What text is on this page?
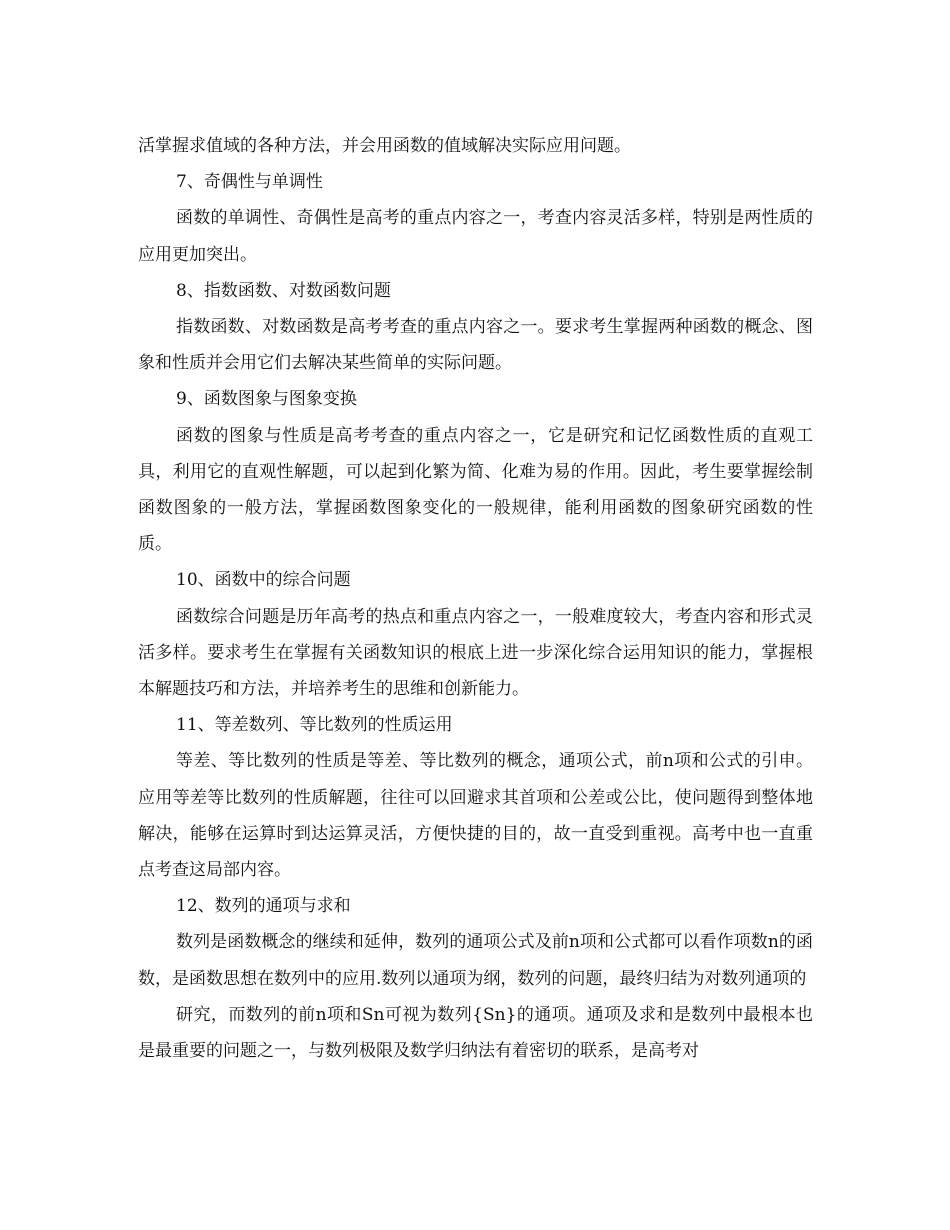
活掌握求值域的各种方法，并会用函数的值域解决实际应用问题。

7、奇偶性与单调性

函数的单调性、奇偶性是高考的重点内容之一，考查内容灵活多样，特别是两性质的应用更加突出。

8、指数函数、对数函数问题

指数函数、对数函数是高考考查的重点内容之一。要求考生掌握两种函数的概念、图象和性质并会用它们去解决某些简单的实际问题。

9、函数图象与图象变换

函数的图象与性质是高考考查的重点内容之一，它是研究和记忆函数性质的直观工具，利用它的直观性解题，可以起到化繁为简、化难为易的作用。因此，考生要掌握绘制函数图象的一般方法，掌握函数图象变化的一般规律，能利用函数的图象研究函数的性质。

10、函数中的综合问题

函数综合问题是历年高考的热点和重点内容之一，一般难度较大，考查内容和形式灵活多样。要求考生在掌握有关函数知识的根底上进一步深化综合运用知识的能力，掌握根本解题技巧和方法，并培养考生的思维和创新能力。

11、等差数列、等比数列的性质运用

等差、等比数列的性质是等差、等比数列的概念，通项公式，前n项和公式的引申。应用等差等比数列的性质解题，往往可以回避求其首项和公差或公比，使问题得到整体地解决，能够在运算时到达运算灵活，方便快捷的目的，故一直受到重视。高考中也一直重点考查这局部内容。

12、数列的通项与求和

数列是函数概念的继续和延伸，数列的通项公式及前n项和公式都可以看作项数n的函数，是函数思想在数列中的应用.数列以通项为纲，数列的问题，最终归结为对数列通项的

研究，而数列的前n项和Sn可视为数列{Sn}的通项。通项及求和是数列中最根本也是最重要的问题之一，与数列极限及数学归纳法有着密切的联系，是高考对
